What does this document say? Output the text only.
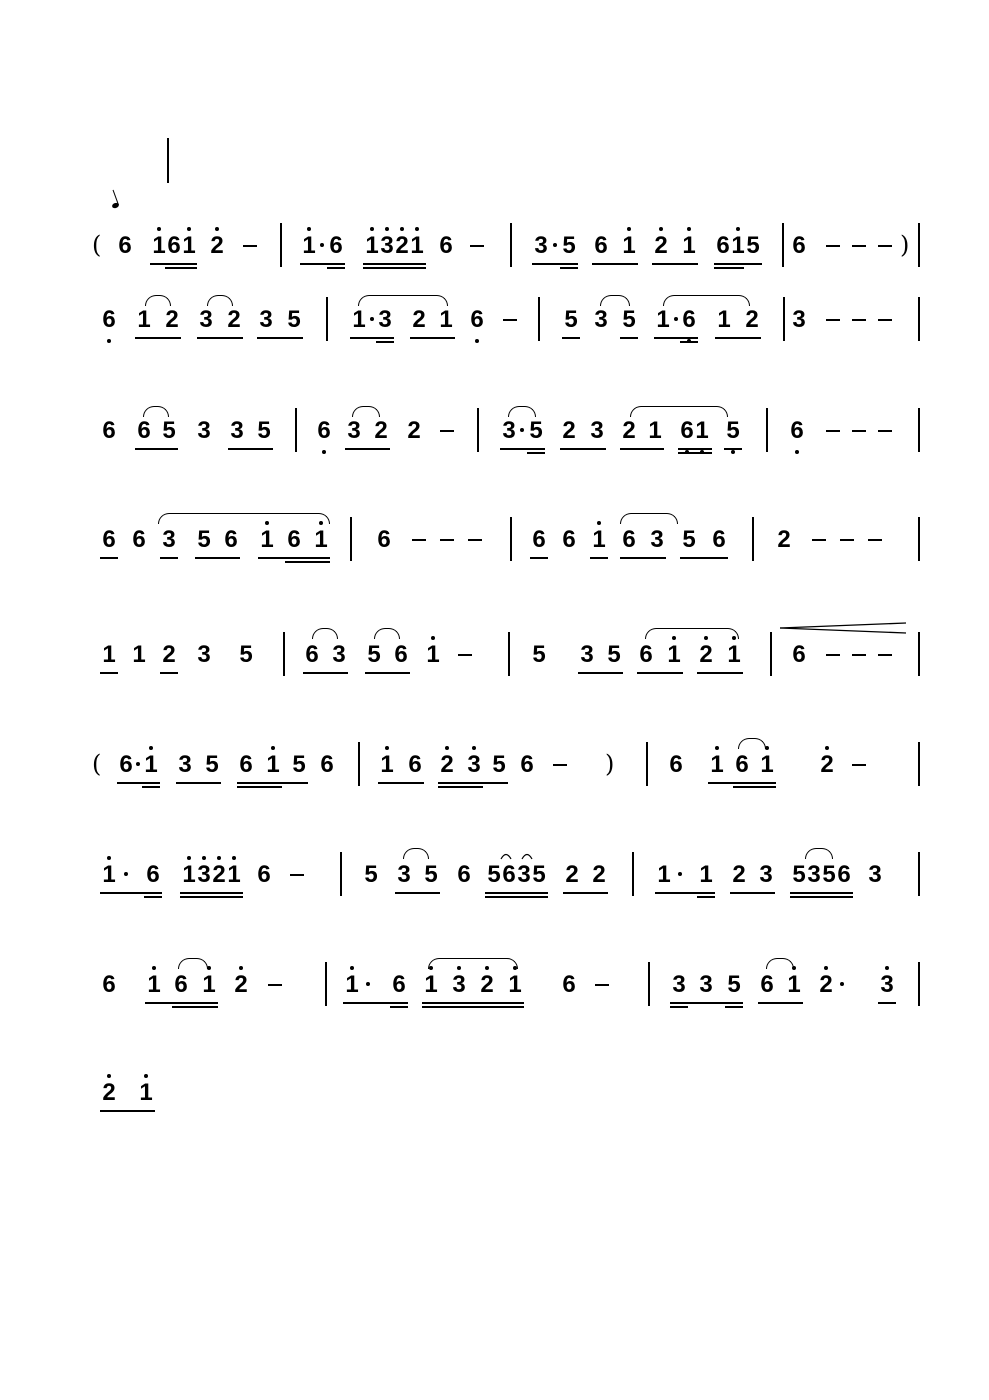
( 6 1 6 1 2	1 6 1 3 2 1 6	3 5 6 1 2 1 6 1 5 6	)
6 1 2 3 2 3 5 1 3 2 1 6	5 3 5 1 6 1 2 3
6 6 5 3 3 5 6 3 2 2	3 5 2 3 2 1 6 1 5 6
6 6 3 5 6 1 6 1 6	6 6 1 6 3 5 6 2
1 1 2 3 5 6 3 5 6 1	5 3 5 6 1 2 1 6
( 6 1 3 5 6 1 5 6 1 6 2 3 5 6	) 6 1 6 1 2
1 6 1 3 2 1 6	5 3 5 6 5 6 3 5 2 2 1 1 2 3 5 3 5 6 3
6 1 6 1 2	1 6 1 3 2 1 6	3 3 5 6 1 2 3
2 1
